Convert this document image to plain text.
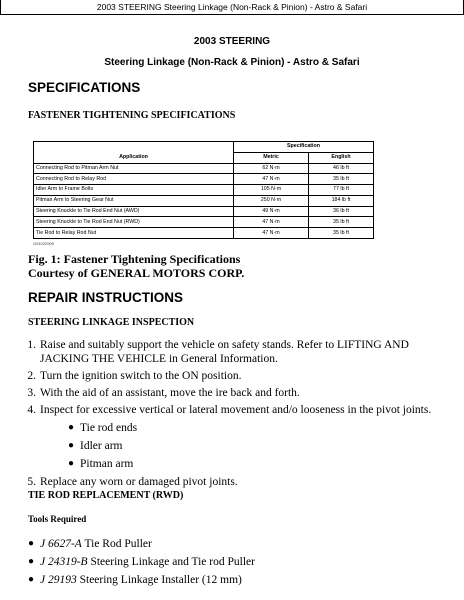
2003 STEERING Steering Linkage (Non-Rack & Pinion) - Astro & Safari
2003 STEERING
Steering Linkage (Non-Rack & Pinion) - Astro & Safari
SPECIFICATIONS
FASTENER TIGHTENING SPECIFICATIONS
	Specification	
Application	Metric	English
Connecting Rod to Pitman Arm Nut	62 N·m	46 lb ft
Connecting Rod to Relay Rod	47 N·m	35 lb ft
Idler Arm to Frame Bolts	105 N·m	77 lb ft
Pitman Arm to Steering Gear Nut	250 N·m	184 lb ft
Steering Knuckle to Tie Rod End Nut (AWD)	49 N·m	36 lb ft
Steering Knuckle to Tie Rod End Nut (RWD)	47 N·m	35 lb ft
Tie Rod to Relay Rod Nut	47 N·m	35 lb ft
G01022909
Fig. 1: Fastener Tightening Specifications
Courtesy of GENERAL MOTORS CORP.
REPAIR INSTRUCTIONS
STEERING LINKAGE INSPECTION
1. Raise and suitably support the vehicle on safety stands. Refer to LIFTING AND JACKING THE VEHICLE in General Information.
2. Turn the ignition switch to the ON position.
3. With the aid of an assistant, move the ire back and forth.
4. Inspect for excessive vertical or lateral movement and/o looseness in the pivot joints.
● Tie rod ends
● Idler arm
● Pitman arm
5. Replace any worn or damaged pivot joints.
TIE ROD REPLACEMENT (RWD)
Tools Required
● J 6627-A Tie Rod Puller
● J 24319-B Steering Linkage and Tie rod Puller
● J 29193 Steering Linkage Installer (12 mm)
